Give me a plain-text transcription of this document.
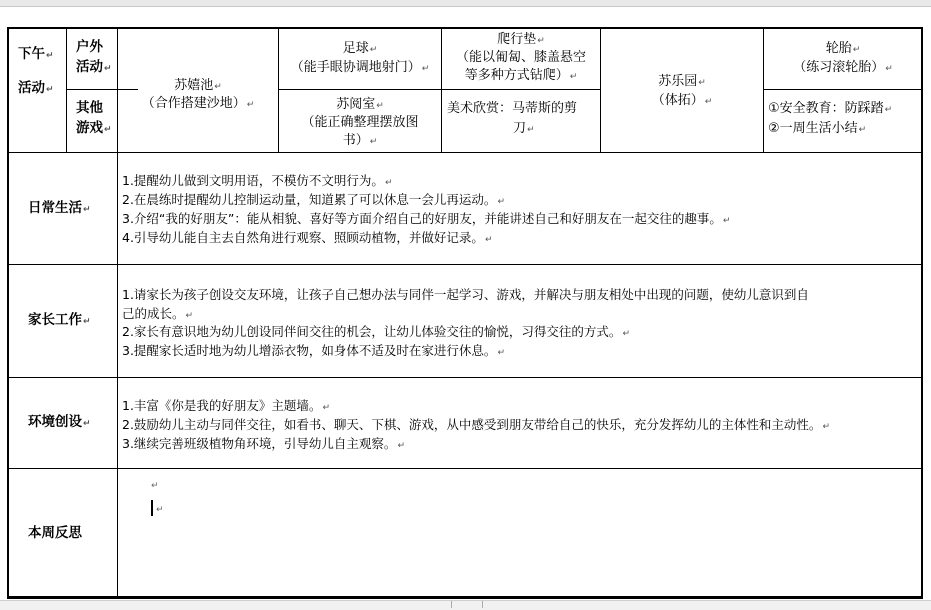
下午↵
活动↵
户外
活动↵
其他
游戏↵
苏嬉池↵
（合作搭建沙地）↵
足球↵
（能手眼协调地射门）↵
爬行垫↵
（能以匍匐、膝盖悬空
等多种方式钻爬）↵	苏乐园↵
（体拓）↵
轮胎↵
（练习滚轮胎）↵
苏阅室↵
（能正确整理摆放图
书）↵
美术欣赏：马蒂斯的剪
刀↵
①安全教育：防踩踏↵
②一周生活小结↵
日常生活↵
1.提醒幼儿做到文明用语，不模仿不文明行为。↵
2.在晨练时提醒幼儿控制运动量，知道累了可以休息一会儿再运动。↵
3.介绍“我的好朋友”：能从相貌、喜好等方面介绍自己的好朋友，并能讲述自己和好朋友在一起交往的趣事。↵
4.引导幼儿能自主去自然角进行观察、照顾动植物，并做好记录。↵
家长工作↵
1.请家长为孩子创设交友环境，让孩子自己想办法与同伴一起学习、游戏，并解决与朋友相处中出现的问题，使幼儿意识到自
己的成长。↵
2.家长有意识地为幼儿创设同伴间交往的机会，让幼儿体验交往的愉悦，习得交往的方式。↵
3.提醒家长适时地为幼儿增添衣物，如身体不适及时在家进行休息。↵
环境创设↵
1.丰富《你是我的好朋友》主题墙。↵
2.鼓励幼儿主动与同伴交往，如看书、聊天、下棋、游戏，从中感受到朋友带给自己的快乐，充分发挥幼儿的主体性和主动性。↵
3.继续完善班级植物角环境，引导幼儿自主观察。↵
本周反思
↵
↵
